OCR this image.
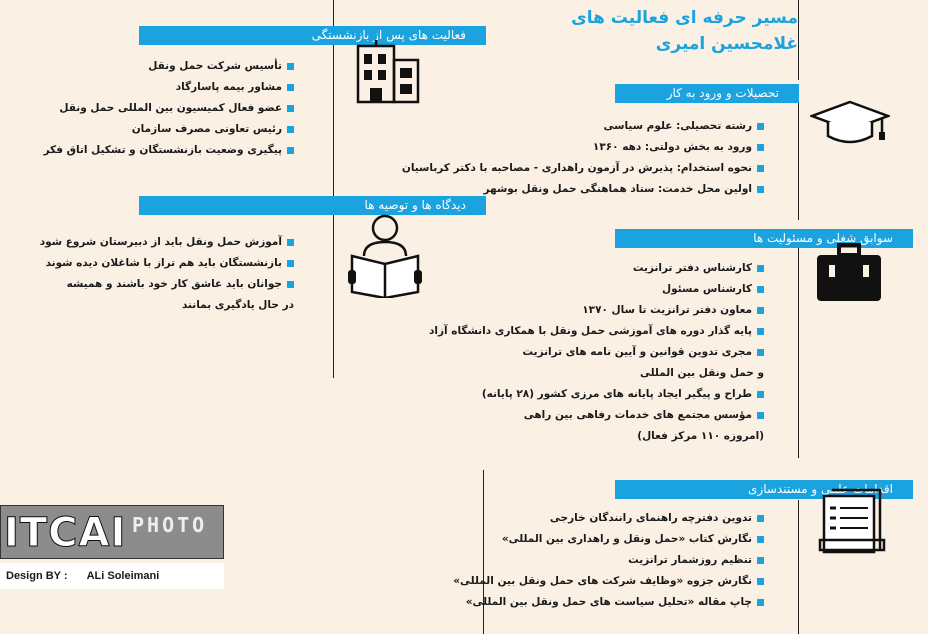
مسیر حرفه ای فعالیت های
غلامحسین امیری
تحصیلات و ورود به کار
رشته تحصیلی: علوم سیاسی
ورود به بخش دولتی: دهه ۱۳۶۰
نحوه استخدام: پذیرش در آزمون راهداری - مصاحبه با دکتر کرباسیان
اولین محل خدمت: ستاد هماهنگی حمل ونقل بوشهر
سوابق شغلی و مسئولیت ها
کارشناس دفتر ترانزیت
کارشناس مسئول
معاون دفتر ترانزیت تا سال ۱۳۷۰
پایه گذار دوره های آموزشی حمل ونقل با همکاری دانشگاه آزاد
مجری تدوین قوانین و آیین نامه های ترانزیت
و حمل ونقل بین المللی
طراح و پیگیر ایجاد پایانه های مرزی کشور (۲۸ پایانه)
مؤسس مجتمع های خدمات رفاهی بین راهی
(امروزه ۱۱۰ مرکز فعال)
اقدامات علمی و مستندسازی
تدوین دفترچه راهنمای رانندگان خارجی
نگارش کتاب «حمل ونقل و راهداری بین المللی»
تنظیم روزشمار ترانزیت
نگارش جزوه «وظایف شرکت های حمل ونقل بین المللی»
چاپ مقاله «تحلیل سیاست های حمل ونقل بین المللی»
فعالیت های پس از بازنشستگی
تأسیس شرکت حمل ونقل
مشاور بیمه پاسارگاد
عضو فعال کمیسیون بین المللی حمل ونقل
رئیس تعاونی مصرف سازمان
پیگیری وضعیت بازنشستگان و تشکیل اتاق فکر
دیدگاه ها و توصیه ها
آموزش حمل ونقل باید از دبیرستان شروع شود
بازنشستگان باید هم تراز با شاغلان دیده شوند
جوانان باید عاشق کار خود باشند و همیشه
در حال یادگیری بمانند
ITCAI PHOTO
Design BY : ALi Soleimani
